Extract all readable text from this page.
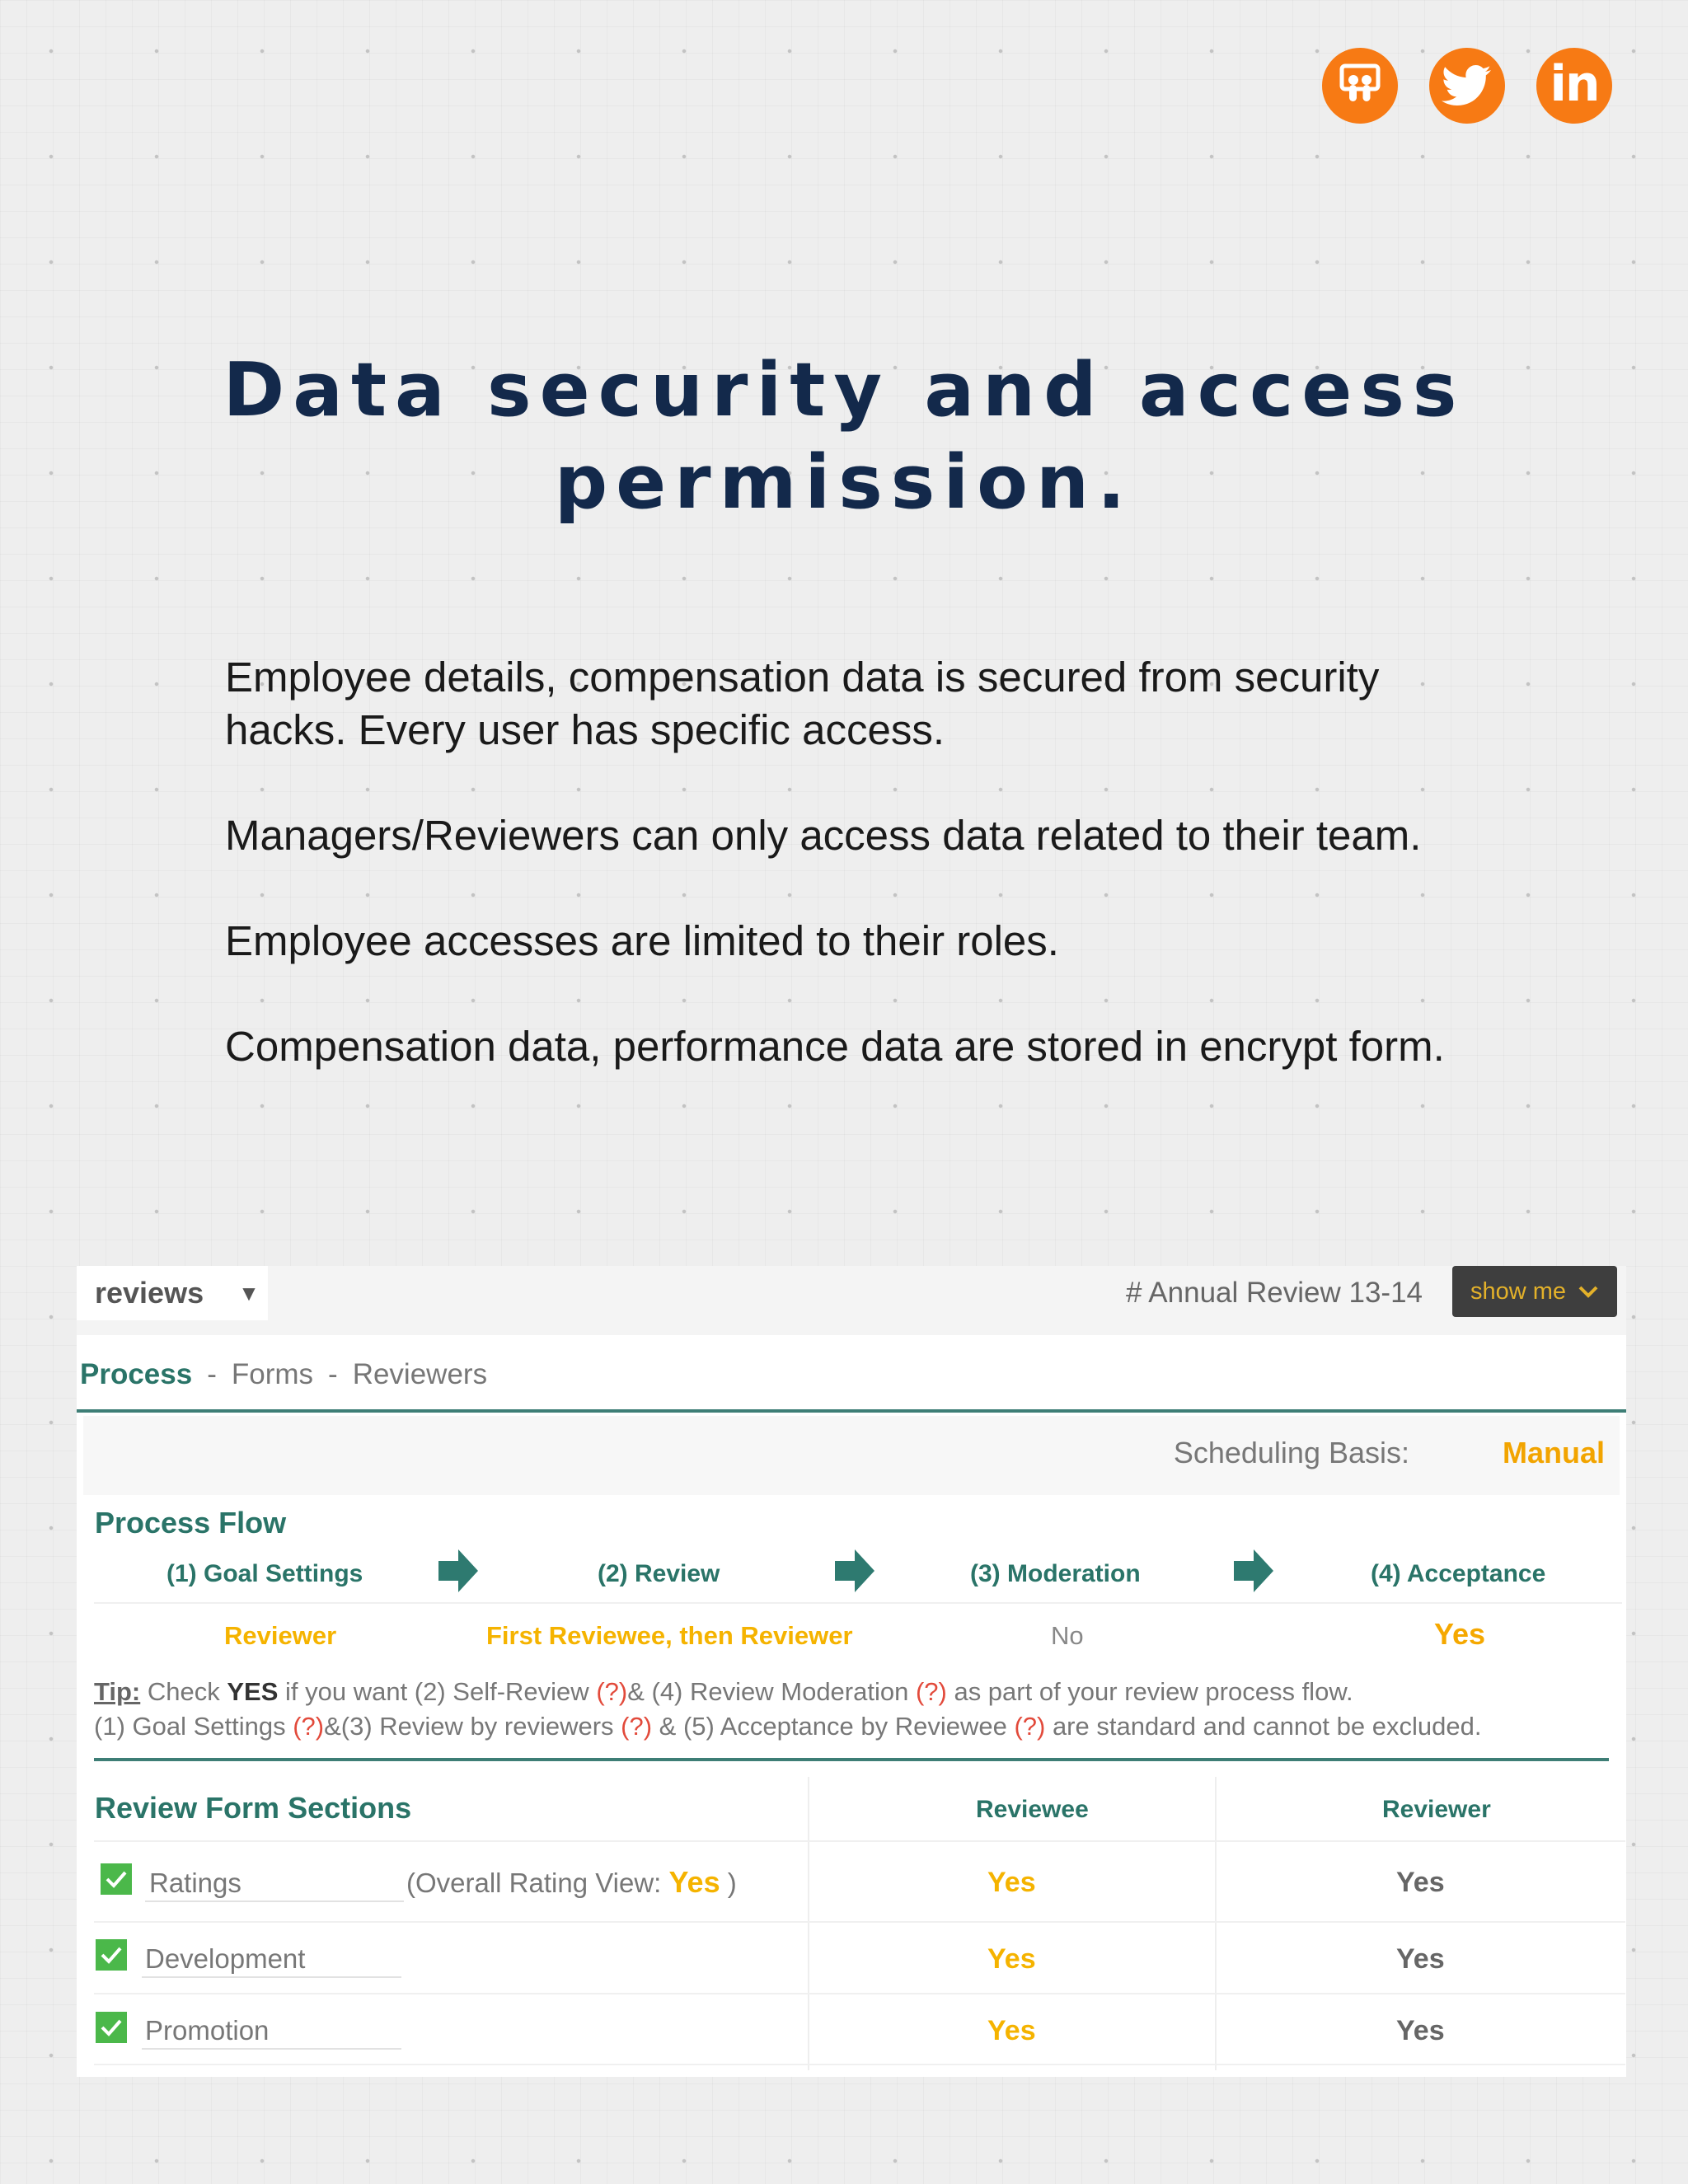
in
Data security and access
permission.

Employee details, compensation data is secured from security hacks. Every user has specific access.

Managers/Reviewers can only access data related to their team.

Employee accesses are limited to their roles.

Compensation data, performance data are stored in encrypt form.

reviews ▼	# Annual Review 13-14 show me
Process - Forms - Reviewers
Scheduling Basis:	Manual
Process Flow
(1) Goal Settings	(2) Review	(3) Moderation	(4) Acceptance
Reviewer	First Reviewee, then Reviewer	No	Yes
Tip: Check YES if you want (2) Self-Review (?)& (4) Review Moderation (?) as part of your review process flow.
(1) Goal Settings (?)&(3) Review by reviewers (?) & (5) Acceptance by Reviewee (?) are standard and cannot be excluded.
Review Form Sections	Reviewee	Reviewer
Ratings	(Overall Rating View: Yes )	Yes	Yes
Development	Yes	Yes
Promotion	Yes	Yes
